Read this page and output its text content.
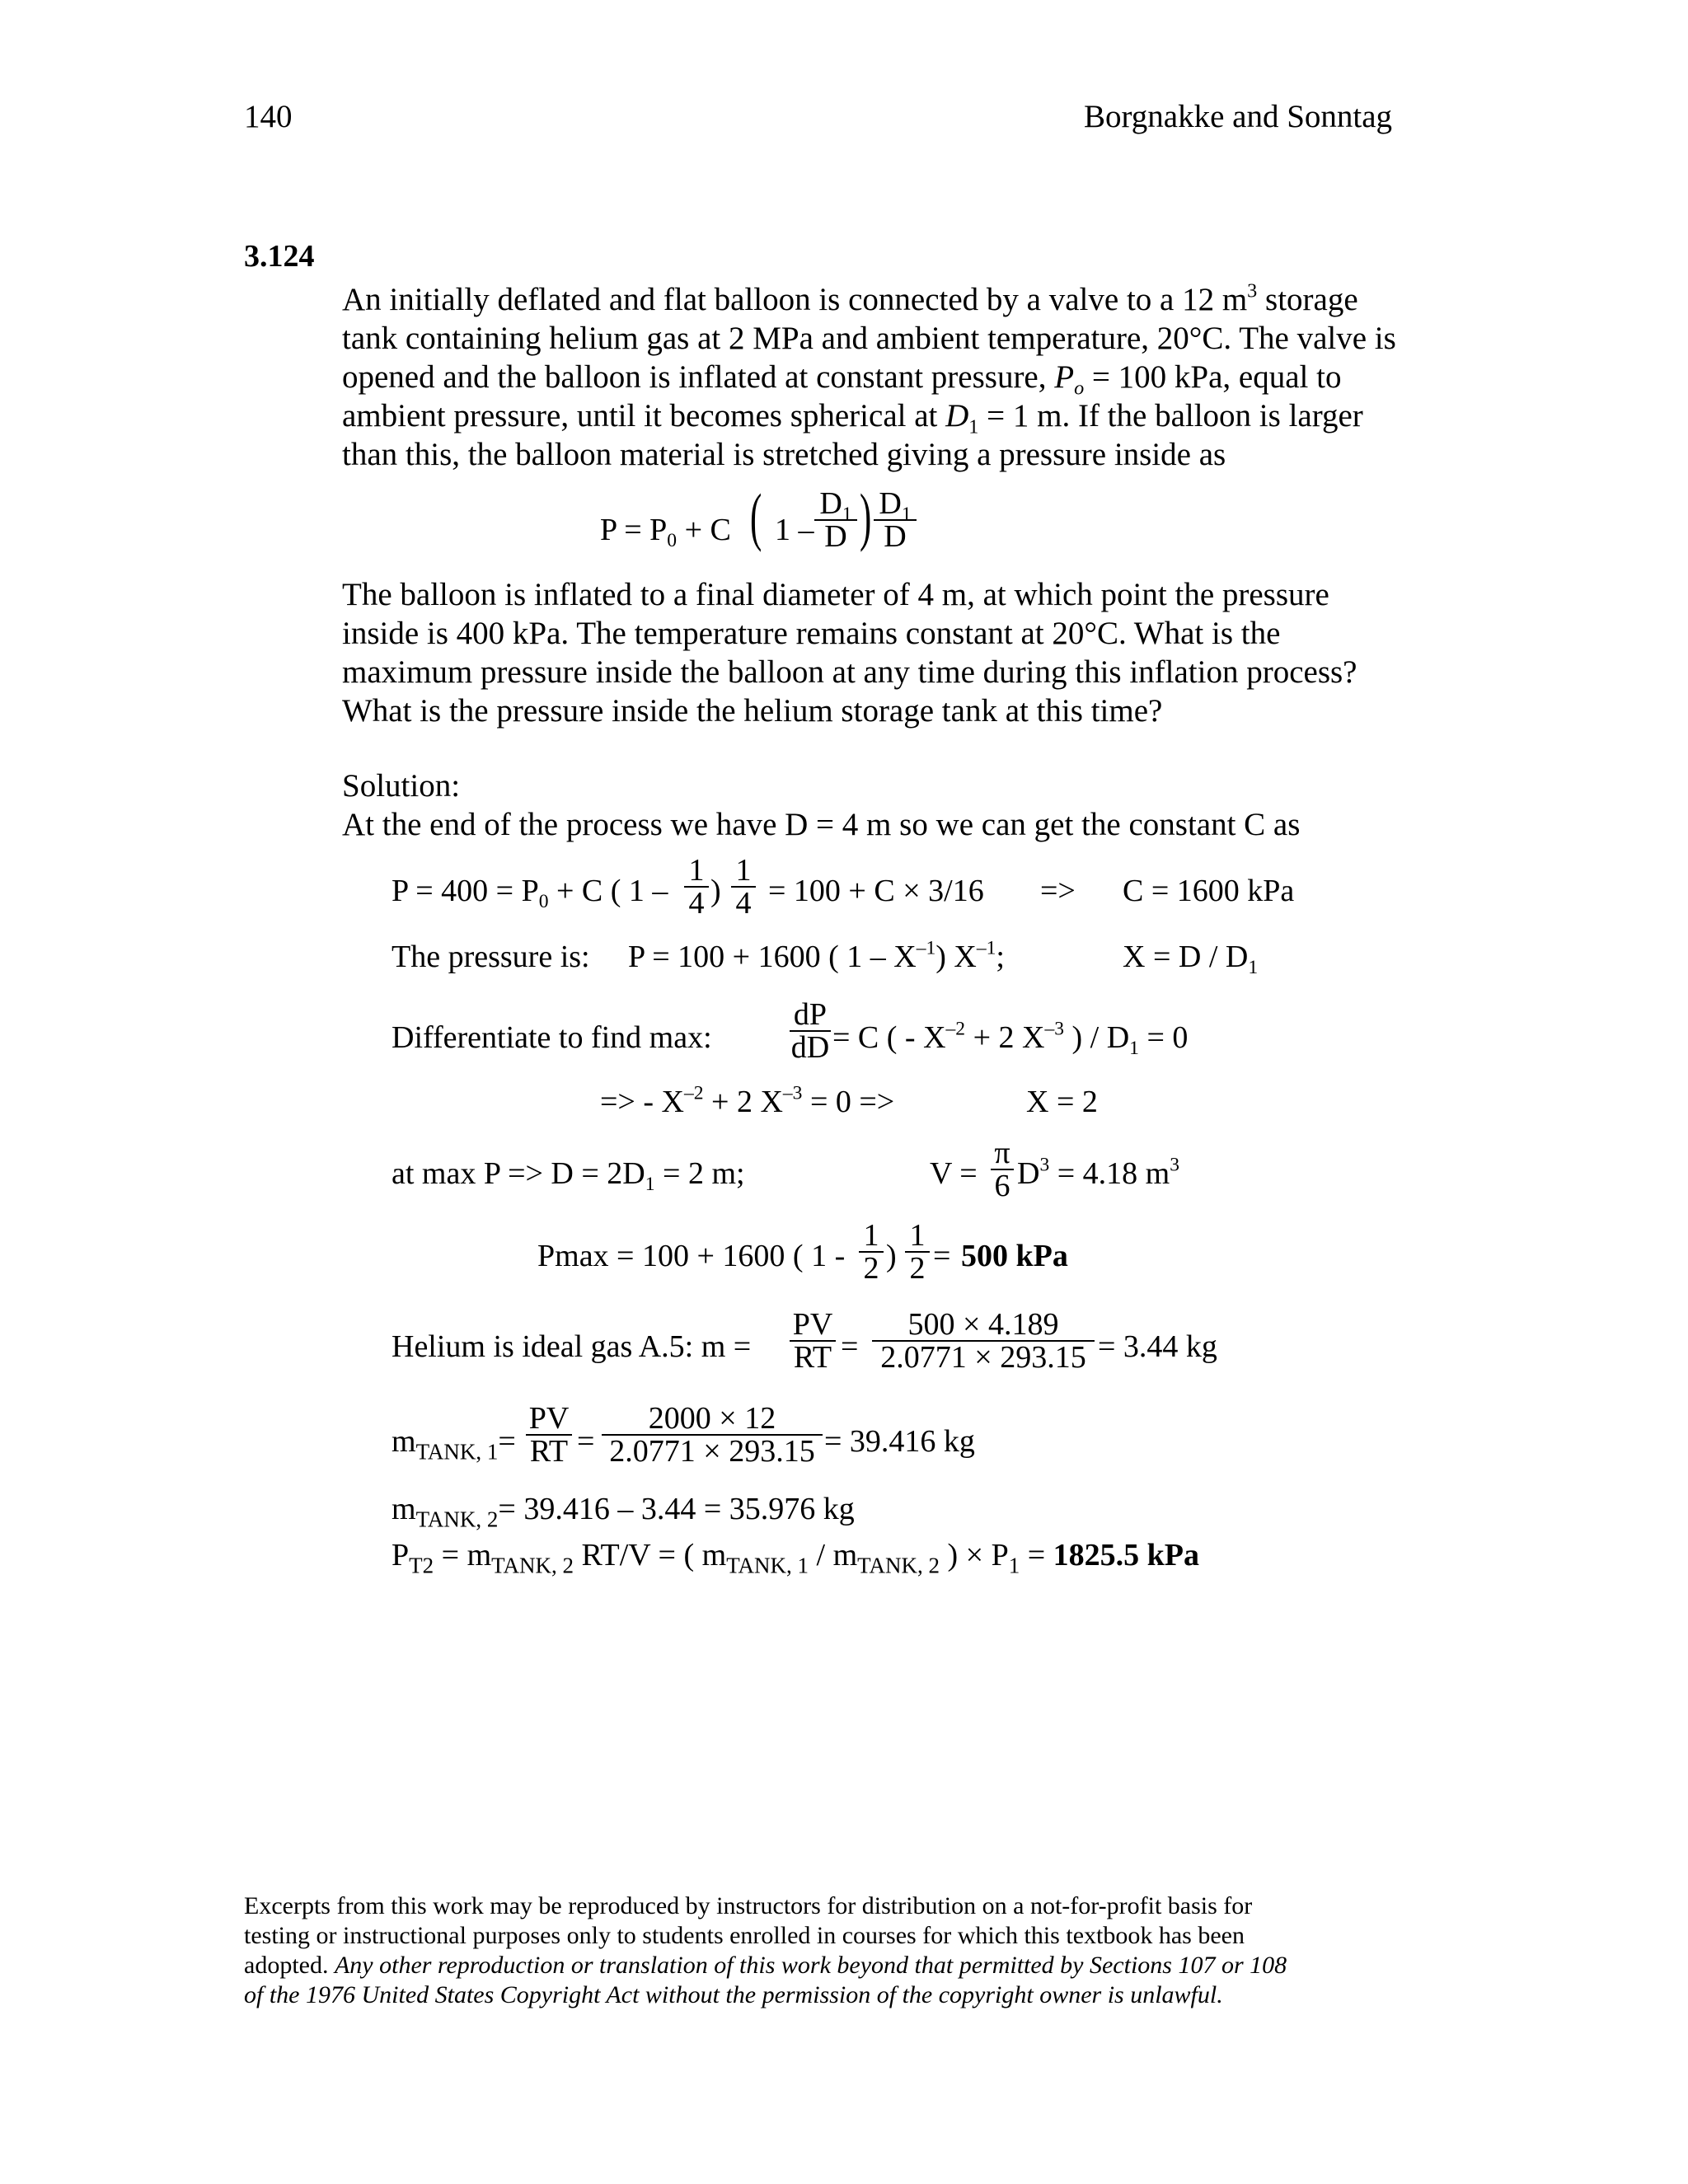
140	Borgnakke and Sonntag
3.124
An initially deflated and flat balloon is connected by a valve to a 12 $m^3$ storage
tank containing helium gas at 2 MPa and ambient temperature, 20°C. The valve is
opened and the balloon is inflated at constant pressure, $P_o = 100$ kPa, equal to
ambient pressure, until it becomes spherical at $D_1 = 1$ m. If the balloon is larger
than this, the balloon material is stretched giving a pressure inside as
$P = P_0 + C$ ( 1 –
$D_1$
D ) $D_1$
D
The balloon is inflated to a final diameter of 4 m, at which point the pressure
inside is 400 kPa. The temperature remains constant at 20°C. What is the
maximum pressure inside the balloon at any time during this inflation process?
What is the pressure inside the helium storage tank at this time?
Solution:
At the end of the process we have D = 4 m so we can get the constant C as
$P = 400 = P_0 + C$ ( 1 –
1
4 )
1
4 = 100 + C × 3/16 => C = 1600 kPa
The pressure is: P = 100 + 1600 ( $1 - X^{-1}$) $X^{-1}$;	$X = D / D_1$
Differentiate to find max:
dP
dD = C ( - $X^{-2} + 2$ $X^{-3}$ ) / $D_1 = 0$
=> - $X^{-2} + 2$ $X^{-3} = 0$ =>	X = 2
at $\max P => D = 2D_1 = 2$ m;	V =
π
6 $D^3 = 4.18$ $m^3$
Pmax = 100 + 1600 ( 1 -
1
2 )
1
2 = 500 kPa
Helium is ideal gas A.5: m =
PV
RT =
500 × 4.189
2.0771 × 293.15 = 3.44 kg
$m_{TANK, 1}=$
PV
RT =
2000 × 12
2.0771 × 293.15 = 39.416 kg
$m_{TANK, 2}= 39.416 - 3.44 = 35.976$ kg
$P_{T2} = m_{TANK, 2}$ RT/V = ( $m_{TANK, 1} / m_{TANK, 2}$ ) × $P_1 = 1825.5$ kPa
Excerpts from this work may be reproduced by instructors for distribution on a not-for-profit basis for
testing or instructional purposes only to students enrolled in courses for which this textbook has been
adopted. Any other reproduction or translation of this work beyond that permitted by Sections 107 or 108
of the 1976 United States Copyright Act without the permission of the copyright owner is unlawful.
